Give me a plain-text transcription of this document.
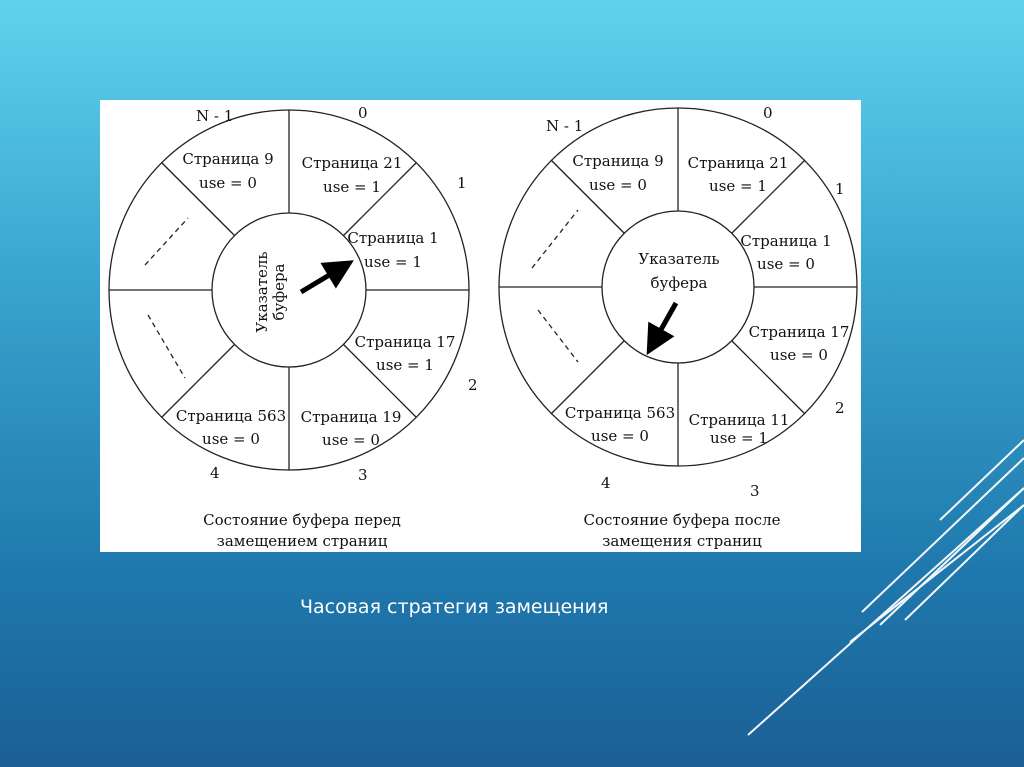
N - 1	0
1
2
3
4
Страница 9
use = 0
Страница 21
use = 1
Страница 1
use = 1
Страница 17
use = 1
Страница 19
use = 0
Страница 563
use = 0
Указатель буфера
Состояние буфера перед
замещением страниц
N - 1
0
1
2
3
4
Страница 9
use = 0
Страница 21
use = 1
Страница 1
use = 0
Страница 17
use = 0
Страница 11
use = 1
Страница 563
use = 0
Указатель
буфера
Состояние буфера после
замещения страниц
Часовая стратегия замещения
